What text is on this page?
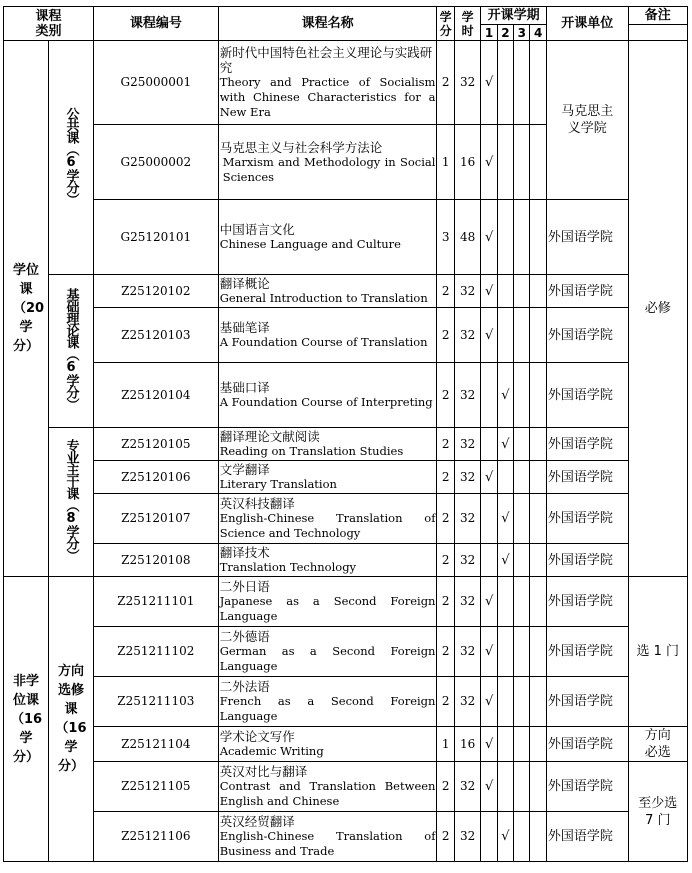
课程类别		课程编号	课程名称	学分	学时	开课学期				开课单位	备注
						1	2	3	4		

学位课（20学分）	公共课（6学分）	G25000001	新时代中国特色社会主义理论与实践研究
Theory and Practice of Socialism with Chinese Characteristics for a New Era	2	32	√				马克思主义学院	必修
		G25000002	马克思主义与社会科学方法论
Marxism and Methodology in Social Sciences	1	16	√					
		G25120101	中国语言文化
Chinese Language and Culture	3	48	√				外国语学院	
	基础理论课（6学分）	Z25120102	翻译概论
General Introduction to Translation	2	32	√				外国语学院	
		Z25120103	基础笔译
A Foundation Course of Translation	2	32	√				外国语学院	
		Z25120104	基础口译
A Foundation Course of Interpreting	2	32		√			外国语学院	
	专业主干课（8学分）	Z25120105	翻译理论文献阅读
Reading on Translation Studies	2	32		√			外国语学院	
		Z25120106	文学翻译
Literary Translation	2	32	√				外国语学院	
		Z25120107	英汉科技翻译
English-Chinese Translation of Science and Technology	2	32		√			外国语学院	
		Z25120108	翻译技术
Translation Technology	2	32		√			外国语学院	

非学位课（16学分）	方向选修课（16学分）	Z251211101	二外日语
Japanese as a Second Foreign Language	2	32	√				外国语学院	选 1 门
		Z251211102	二外德语
German as a Second Foreign Language	2	32	√				外国语学院	
		Z251211103	二外法语
French as a Second Foreign Language	2	32	√				外国语学院	
		Z25121104	学术论文写作
Academic Writing	1	16	√				外国语学院	方向必选

		Z25121105	英汉对比与翻译
Contrast and Translation Between English and Chinese	2	32	√				外国语学院	至少选 7 门

		Z25121106	英汉经贸翻译
English-Chinese Translation of Business and Trade	2	32		√			外国语学院	
